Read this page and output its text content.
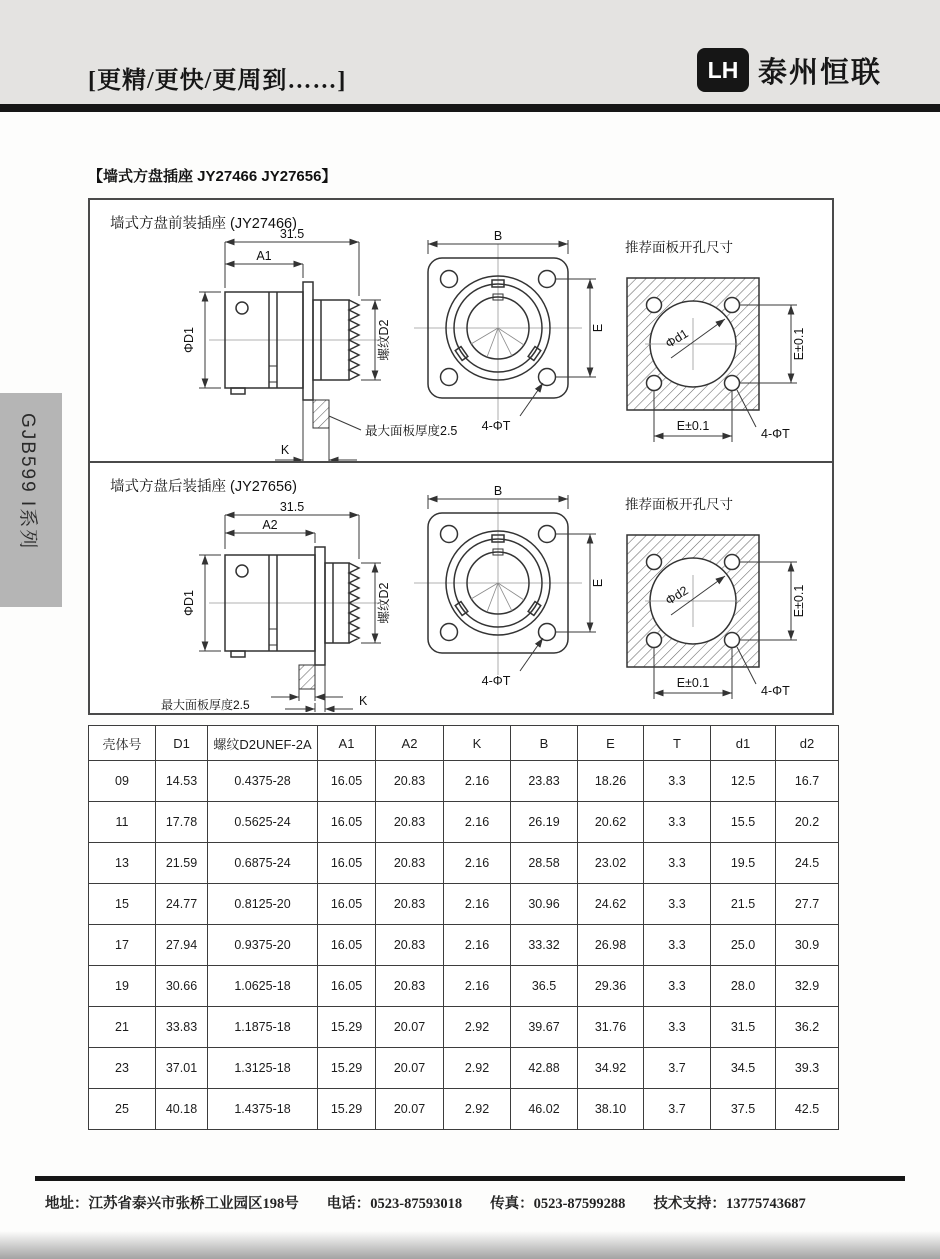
[更精/更快/更周到……]	LH 泰州恒联
GJB599 I系列
【墙式方盘插座 JY27466 JY27656】
31.5
A1
ΦD1	螺纹D2
最大面板厚度2.5
K
B
E
4-ΦT
推荐面板开孔尺寸
Φd1	E±0.1
E±0.1
4-ΦT
墙式方盘前装插座 (JY27466)
31.5
A2
ΦD1	螺纹D2
最大面板厚度2.5	K
B
E
4-ΦT
推荐面板开孔尺寸
Φd2	E±0.1
E±0.1
4-ΦT
墙式方盘后装插座 (JY27656)
壳体号	D1	螺纹D2UNEF-2A	A1	A2	K	B	E	T	d1	d2
09	14.53	0.4375-28	16.05	20.83	2.16	23.83	18.26	3.3	12.5	16.7
11	17.78	0.5625-24	16.05	20.83	2.16	26.19	20.62	3.3	15.5	20.2
13	21.59	0.6875-24	16.05	20.83	2.16	28.58	23.02	3.3	19.5	24.5
15	24.77	0.8125-20	16.05	20.83	2.16	30.96	24.62	3.3	21.5	27.7
17	27.94	0.9375-20	16.05	20.83	2.16	33.32	26.98	3.3	25.0	30.9
19	30.66	1.0625-18	16.05	20.83	2.16	36.5	29.36	3.3	28.0	32.9
21	33.83	1.1875-18	15.29	20.07	2.92	39.67	31.76	3.3	31.5	36.2
23	37.01	1.3125-18	15.29	20.07	2.92	42.88	34.92	3.7	34.5	39.3
25	40.18	1.4375-18	15.29	20.07	2.92	46.02	38.10	3.7	37.5	42.5
地址：江苏省泰兴市张桥工业园区198号 电话：0523-87593018 传真：0523-87599288 技术支持：13775743687
